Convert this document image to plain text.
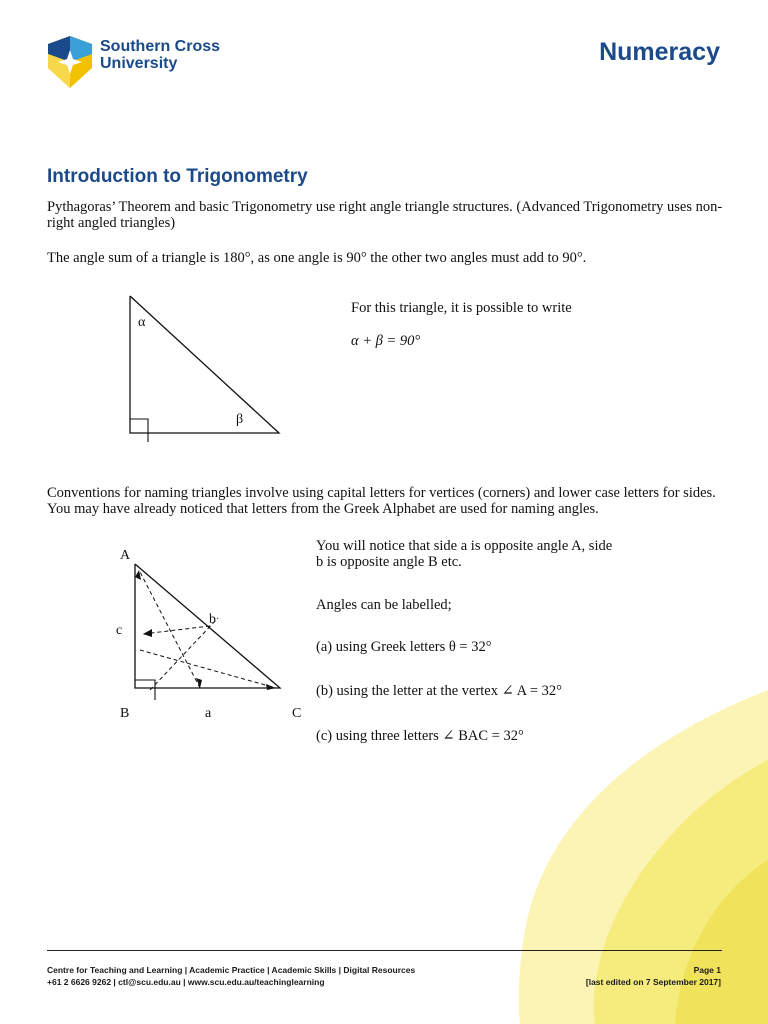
Southern Cross
University	Numeracy
Introduction to Trigonometry
Pythagoras’ Theorem and basic Trigonometry use right angle triangle structures. (Advanced Trigonometry uses non-right angled triangles)
The angle sum of a triangle is 180°, as one angle is 90° the other two angles must add to 90°.
α
β
For this triangle, it is possible to write
α + β = 90°
Conventions for naming triangles involve using capital letters for vertices (corners) and lower case letters for sides. You may have already noticed that letters from the Greek Alphabet are used for naming angles.
A
B	C
a
b
c
You will notice that side a is opposite angle A, side
b is opposite angle B etc.
Angles can be labelled;
(a) using Greek letters θ = 32°
(b) using the letter at the vertex ∠ A = 32°
(c) using three letters ∠ BAC = 32°
Centre for Teaching and Learning | Academic Practice | Academic Skills | Digital Resources
+61 2 6626 9262 | ctl@scu.edu.au | www.scu.edu.au/teachinglearning
Page 1
[last edited on 7 September 2017]
